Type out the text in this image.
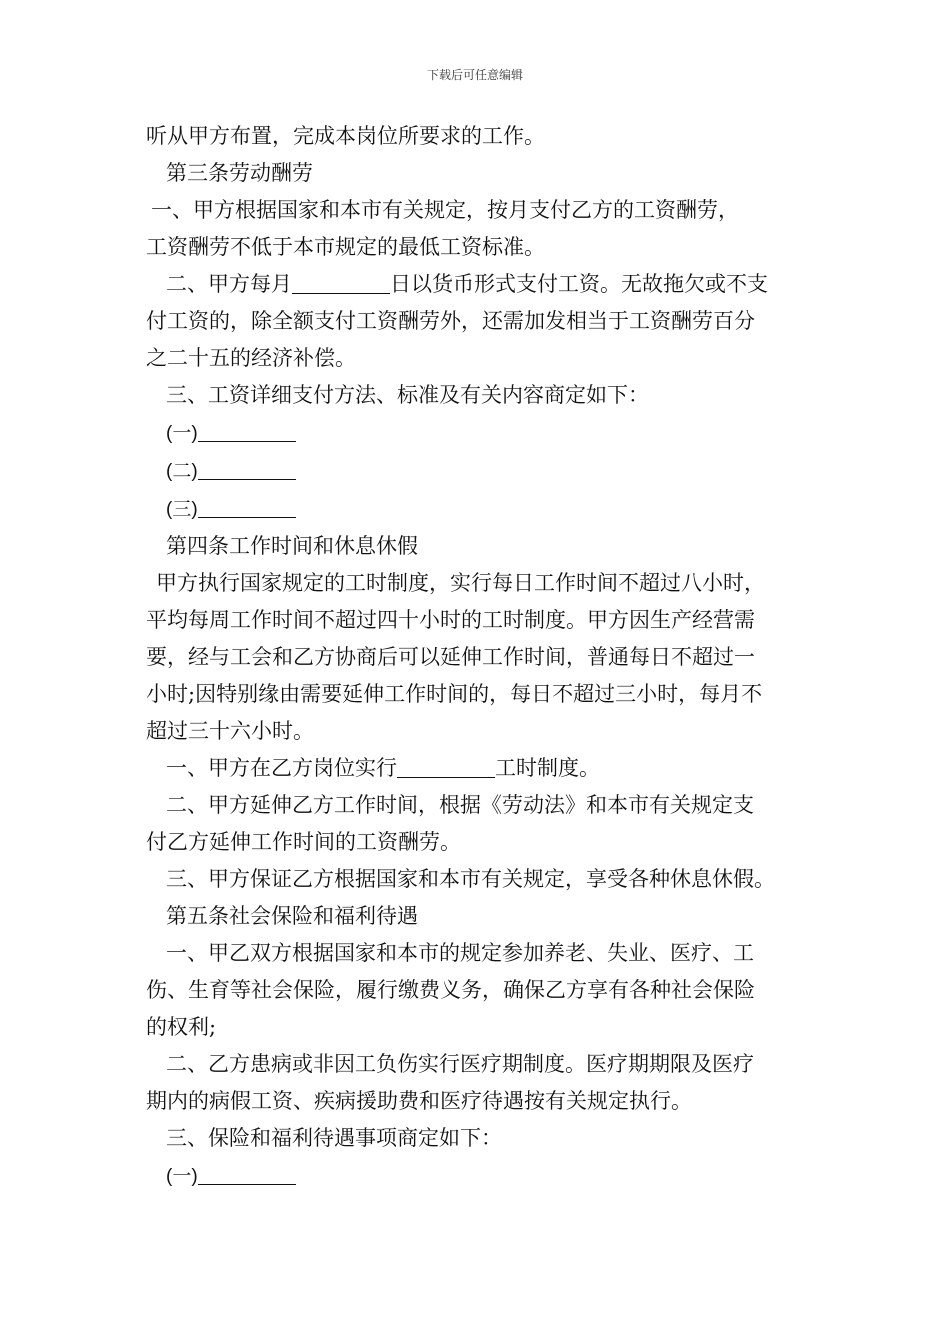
下载后可任意编辑

听从甲方布置，完成本岗位所要求的工作。

第三条劳动酬劳

一、甲方根据国家和本市有关规定，按月支付乙方的工资酬劳，

工资酬劳不低于本市规定的最低工资标准。

二、甲方每月	日以货币形式支付工资。无故拖欠或不支

付工资的，除全额支付工资酬劳外，还需加发相当于工资酬劳百分

之二十五的经济补偿。

三、工资详细支付方法、标准及有关内容商定如下：

(一)

(二)

(三)

第四条工作时间和休息休假

甲方执行国家规定的工时制度，实行每日工作时间不超过八小时，

平均每周工作时间不超过四十小时的工时制度。甲方因生产经营需

要，经与工会和乙方协商后可以延伸工作时间，普通每日不超过一

小时;因特别缘由需要延伸工作时间的，每日不超过三小时，每月不

超过三十六小时。

一、甲方在乙方岗位实行	工时制度。

二、甲方延伸乙方工作时间，根据《劳动法》和本市有关规定支

付乙方延伸工作时间的工资酬劳。

三、甲方保证乙方根据国家和本市有关规定，享受各种休息休假。

第五条社会保险和福利待遇

一、甲乙双方根据国家和本市的规定参加养老、失业、医疗、工

伤、生育等社会保险，履行缴费义务，确保乙方享有各种社会保险

的权利;

二、乙方患病或非因工负伤实行医疗期制度。医疗期期限及医疗

期内的病假工资、疾病援助费和医疗待遇按有关规定执行。

三、保险和福利待遇事项商定如下：

(一)
